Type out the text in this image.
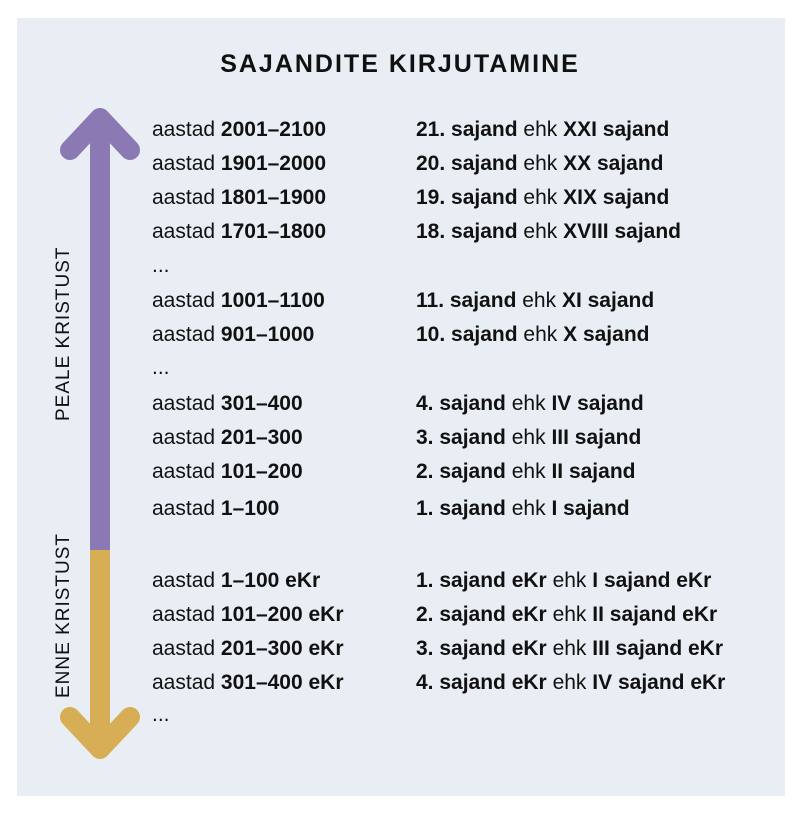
SAJANDITE KIRJUTAMINE
PEALE KRISTUST
ENNE KRISTUST
aastad 2001–2100	21. sajand ehk XXI sajand
aastad 1901–2000	20. sajand ehk XX sajand
aastad 1801–1900	19. sajand ehk XIX sajand
aastad 1701–1800	18. sajand ehk XVIII sajand
aastad 1001–1100	11. sajand ehk XI sajand
aastad 901–1000	10. sajand ehk X sajand
aastad 301–400	4. sajand ehk IV sajand
aastad 201–300	3. sajand ehk III sajand
aastad 101–200	2. sajand ehk II sajand
aastad 1–100	1. sajand ehk I sajand
...
...
aastad 1–100 eKr	1. sajand eKr ehk I sajand eKr
aastad 101–200 eKr	2. sajand eKr ehk II sajand eKr
aastad 201–300 eKr	3. sajand eKr ehk III sajand eKr
aastad 301–400 eKr	4. sajand eKr ehk IV sajand eKr
...
